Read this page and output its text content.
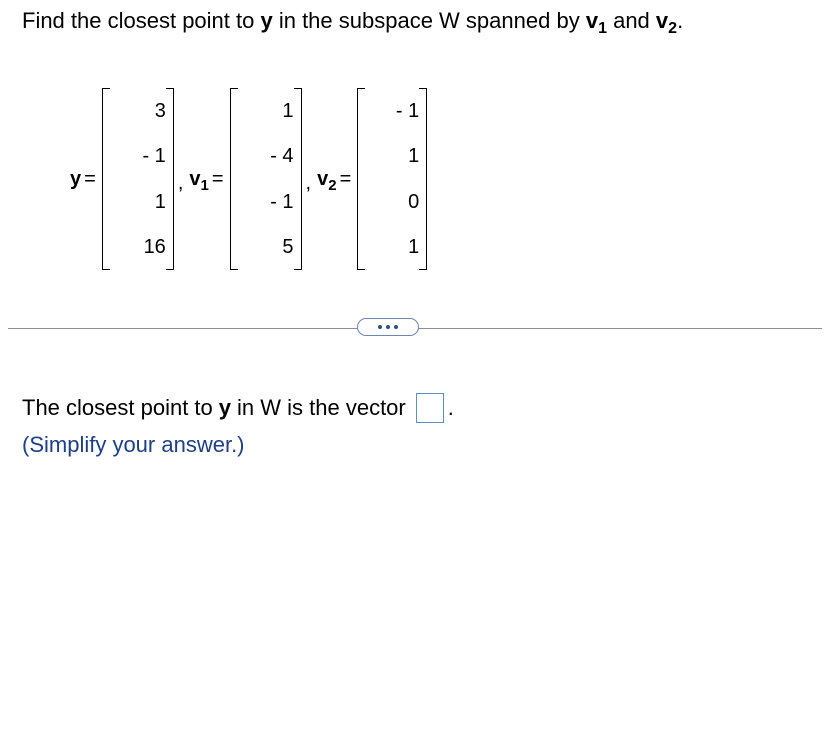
Find the closest point to y in the subspace W spanned by $v_1$ and $v_2$.
y =
3
- 1
1
16
, $v_1$ =
1
- 4
- 1
5
, $v_2$ =
- 1
1
0
1
The closest point to y in W is the vector .
(Simplify your answer.)
